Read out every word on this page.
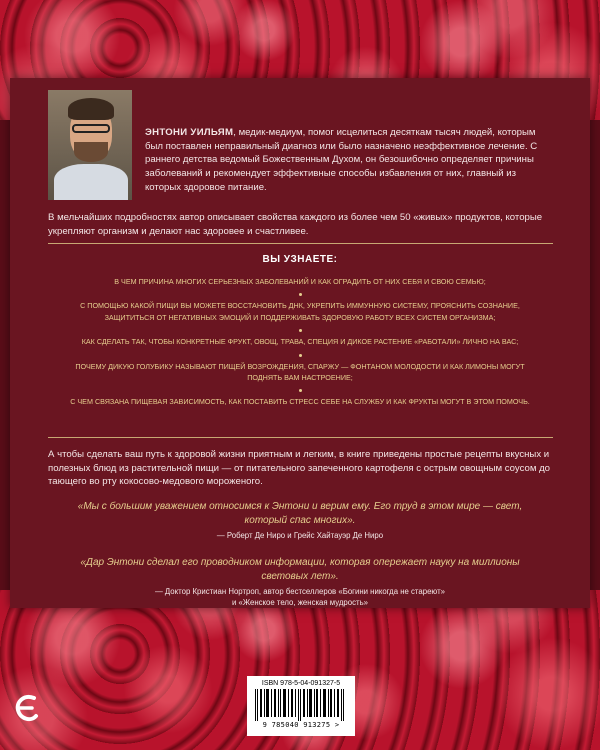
ЭНТОНИ УИЛЬЯМ, медик-медиум, помог исцелиться десяткам тысяч людей, которым был поставлен неправильный диагноз или было назначено неэффективное лечение. С раннего детства ведомый Божественным Духом, он безошибочно определяет причины заболеваний и рекомендует эффективные способы избавления от них, главный из которых здоровое питание.

В мельчайших подробностях автор описывает свойства каждого из более чем 50 «живых» продуктов, которые укрепляют организм и делают нас здоровее и счастливее.

ВЫ УЗНАЕТЕ:
В ЧЕМ ПРИЧИНА МНОГИХ СЕРЬЕЗНЫХ ЗАБОЛЕВАНИЙ И КАК ОГРАДИТЬ ОТ НИХ СЕБЯ И СВОЮ СЕМЬЮ;
С ПОМОЩЬЮ КАКОЙ ПИЩИ ВЫ МОЖЕТЕ ВОССТАНОВИТЬ ДНК, УКРЕПИТЬ ИММУННУЮ СИСТЕМУ, ПРОЯСНИТЬ СОЗНАНИЕ, ЗАЩИТИТЬСЯ ОТ НЕГАТИВНЫХ ЭМОЦИЙ И ПОДДЕРЖИВАТЬ ЗДОРОВУЮ РАБОТУ ВСЕХ СИСТЕМ ОРГАНИЗМА;
КАК СДЕЛАТЬ ТАК, ЧТОБЫ КОНКРЕТНЫЕ ФРУКТ, ОВОЩ, ТРАВА, СПЕЦИЯ И ДИКОЕ РАСТЕНИЕ «РАБОТАЛИ» ЛИЧНО НА ВАС;
ПОЧЕМУ ДИКУЮ ГОЛУБИКУ НАЗЫВАЮТ ПИЩЕЙ ВОЗРОЖДЕНИЯ, СПАРЖУ — ФОНТАНОМ МОЛОДОСТИ И КАК ЛИМОНЫ МОГУТ ПОДНЯТЬ ВАМ НАСТРОЕНИЕ;
С ЧЕМ СВЯЗАНА ПИЩЕВАЯ ЗАВИСИМОСТЬ, КАК ПОСТАВИТЬ СТРЕСС СЕБЕ НА СЛУЖБУ И КАК ФРУКТЫ МОГУТ В ЭТОМ ПОМОЧЬ.

А чтобы сделать ваш путь к здоровой жизни приятным и легким, в книге приведены простые рецепты вкусных и полезных блюд из растительной пищи — от питательного запеченного картофеля с острым овощным соусом до тающего во рту кокосово-медового мороженого.

«Мы с большим уважением относимся к Энтони и верим ему. Его труд в этом мире — свет, который спас многих».

— Роберт Де Ниро и Грейс Хайтауэр Де Ниро

«Дар Энтони сделал его проводником информации, которая опережает науку на миллионы световых лет».

— Доктор Кристиан Нортроп, автор бестселлеров «Богини никогда не стареют»
и «Женское тело, женская мудрость»

ISBN 978-5-04-091327-5
9 785040 913275 >
